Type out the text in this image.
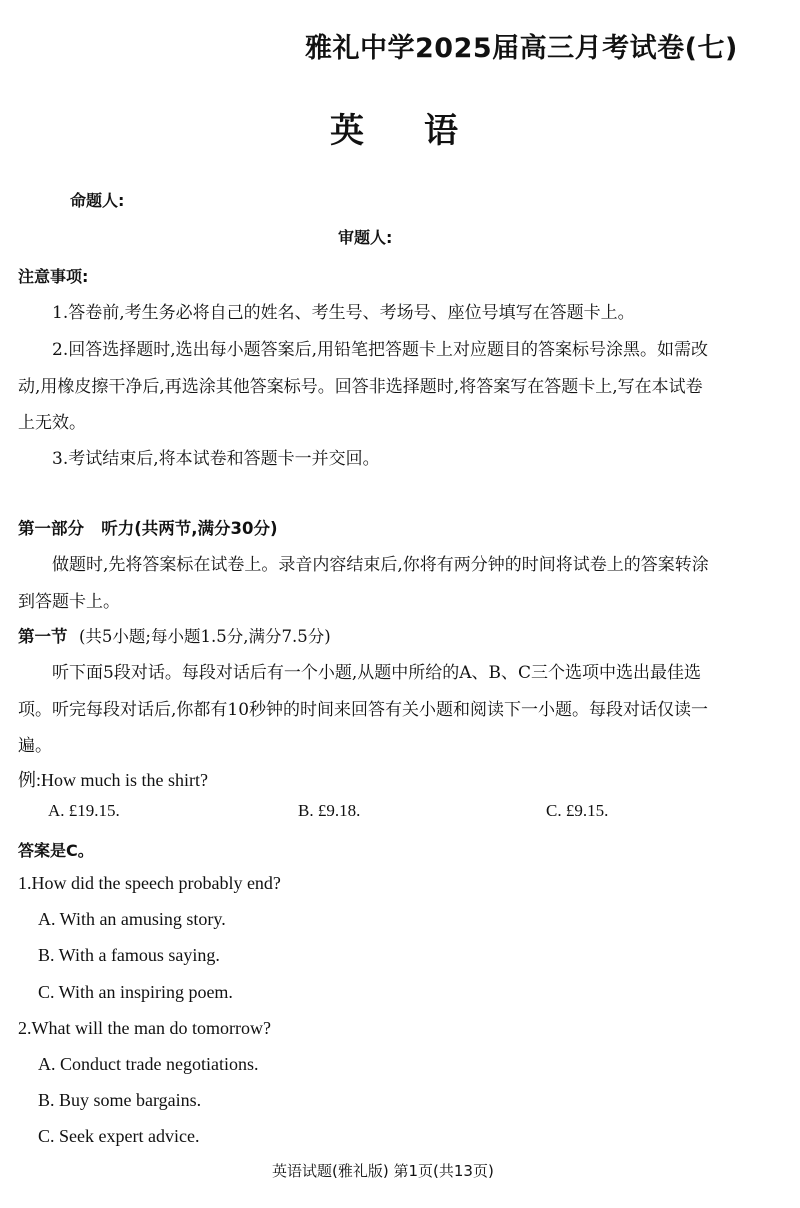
雅礼中学2025届高三月考试卷(七)
英语
命题人:
审题人:
注意事项:
1.答卷前,考生务必将自己的姓名、考生号、考场号、座位号填写在答题卡上。
2.回答选择题时,选出每小题答案后,用铅笔把答题卡上对应题目的答案标号涂黑。如需改
动,用橡皮擦干净后,再选涂其他答案标号。回答非选择题时,将答案写在答题卡上,写在本试卷
上无效。
3.考试结束后,将本试卷和答题卡一并交回。
第一部分 听力(共两节,满分30分)
做题时,先将答案标在试卷上。录音内容结束后,你将有两分钟的时间将试卷上的答案转涂
到答题卡上。
第一节 (共5小题;每小题1.5分,满分7.5分)
听下面5段对话。每段对话后有一个小题,从题中所给的A、B、C三个选项中选出最佳选
项。听完每段对话后,你都有10秒钟的时间来回答有关小题和阅读下一小题。每段对话仅读一
遍。
例:How much is the shirt?
A. £19.15.	B. £9.18.	C. £9.15.
答案是C。
1.How did the speech probably end?
A. With an amusing story.
B. With a famous saying.
C. With an inspiring poem.
2.What will the man do tomorrow?
A. Conduct trade negotiations.
B. Buy some bargains.
C. Seek expert advice.
英语试题(雅礼版) 第1页(共13页)
